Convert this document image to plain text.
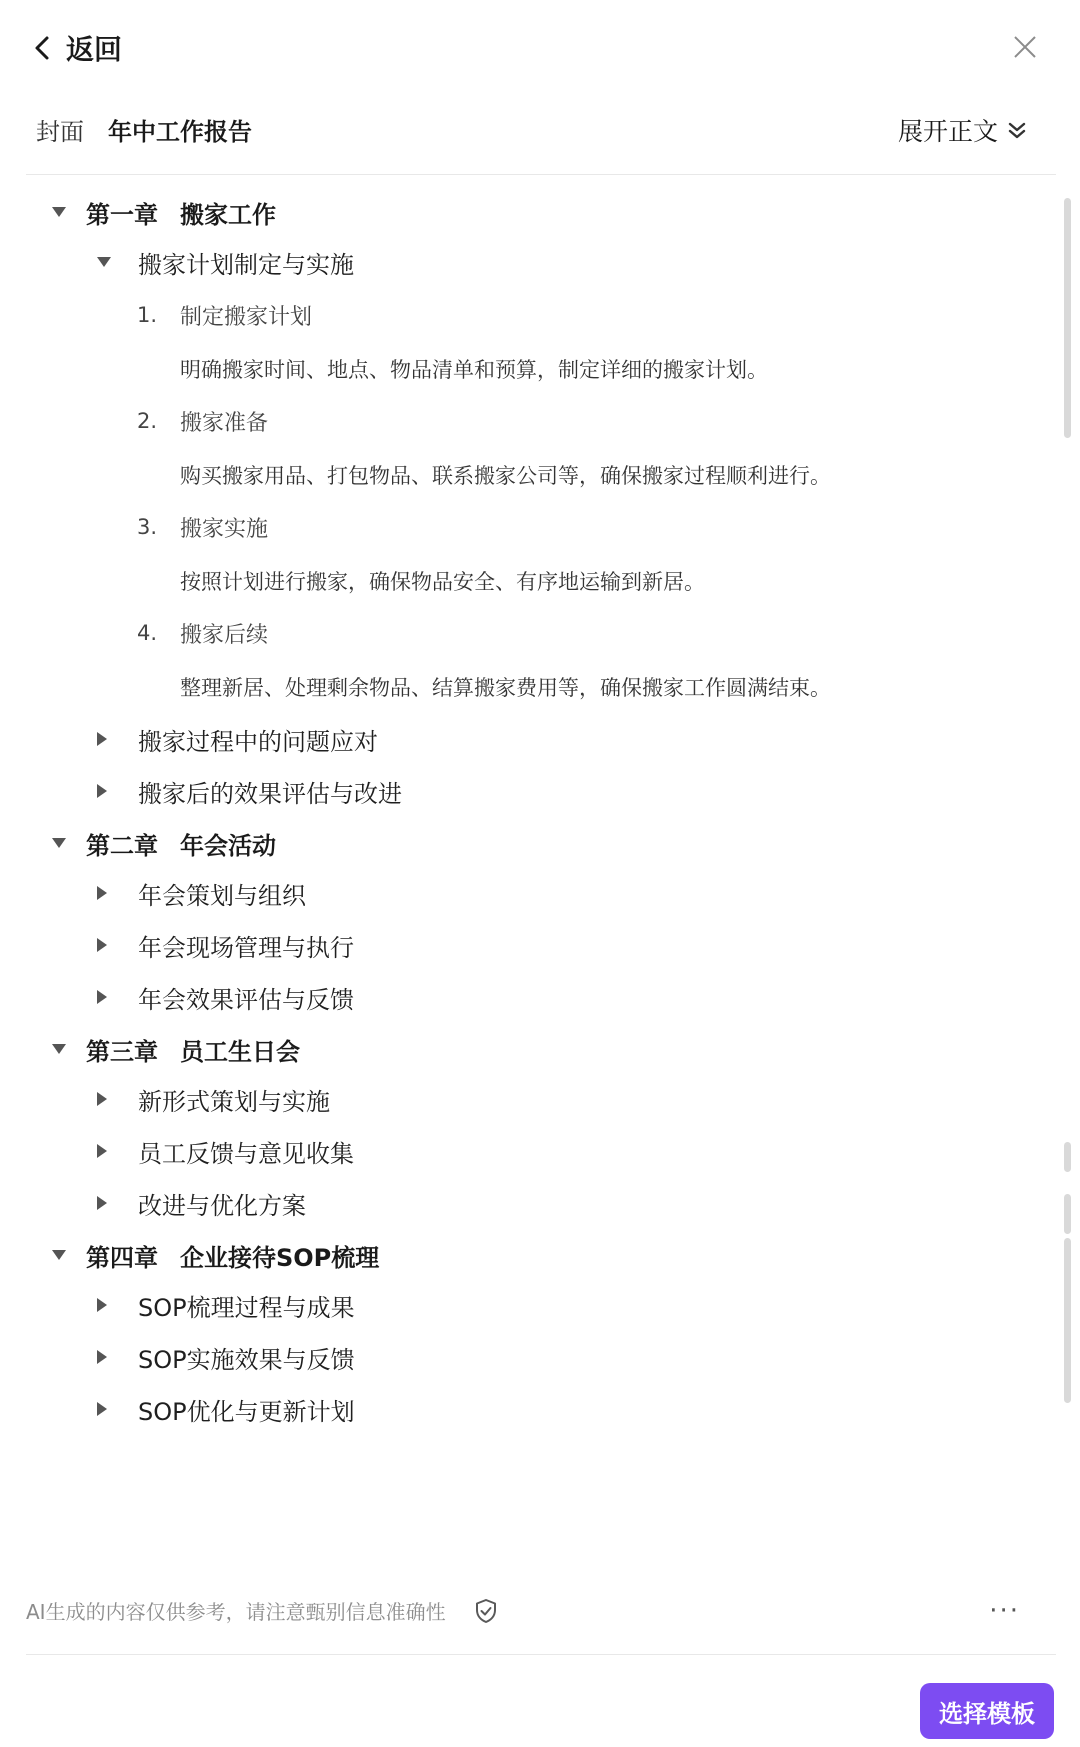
返回
封面 年中工作报告	展开正文
第一章 搬家工作
搬家计划制定与实施
1. 制定搬家计划
明确搬家时间、地点、物品清单和预算，制定详细的搬家计划。
2. 搬家准备
购买搬家用品、打包物品、联系搬家公司等，确保搬家过程顺利进行。
3. 搬家实施
按照计划进行搬家，确保物品安全、有序地运输到新居。
4. 搬家后续
整理新居、处理剩余物品、结算搬家费用等，确保搬家工作圆满结束。
搬家过程中的问题应对
搬家后的效果评估与改进
第二章 年会活动
年会策划与组织
年会现场管理与执行
年会效果评估与反馈
第三章 员工生日会
新形式策划与实施
员工反馈与意见收集
改进与优化方案
第四章 企业接待SOP梳理
SOP梳理过程与成果
SOP实施效果与反馈
SOP优化与更新计划
AI生成的内容仅供参考，请注意甄别信息准确性	···
选择模板
